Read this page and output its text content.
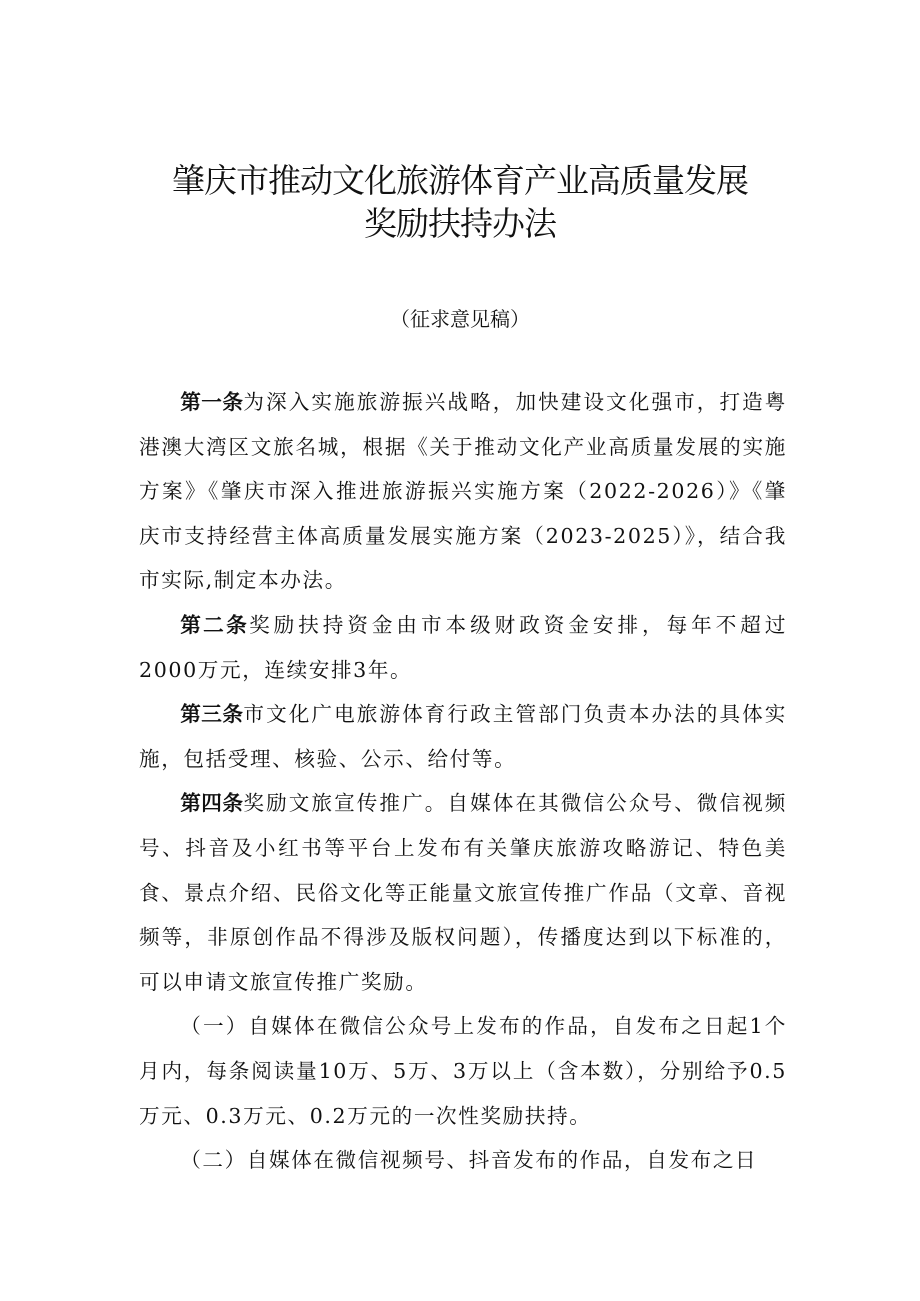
肇庆市推动文化旅游体育产业高质量发展
奖励扶持办法
（征求意见稿）

第一条为深入实施旅游振兴战略，加快建设文化强市，打造粤港澳大湾区文旅名城，根据《关于推动文化产业高质量发展的实施方案》《肇庆市深入推进旅游振兴实施方案（2022-2026）》《肇庆市支持经营主体高质量发展实施方案（2023-2025）》，结合我市实际,制定本办法。

第二条奖励扶持资金由市本级财政资金安排，每年不超过2000万元，连续安排3年。

第三条市文化广电旅游体育行政主管部门负责本办法的具体实施，包括受理、核验、公示、给付等。

第四条奖励文旅宣传推广。自媒体在其微信公众号、微信视频号、抖音及小红书等平台上发布有关肇庆旅游攻略游记、特色美食、景点介绍、民俗文化等正能量文旅宣传推广作品（文章、音视频等，非原创作品不得涉及版权问题），传播度达到以下标准的，可以申请文旅宣传推广奖励。

（一）自媒体在微信公众号上发布的作品，自发布之日起1个月内，每条阅读量10万、5万、3万以上（含本数），分别给予0.5万元、0.3万元、0.2万元的一次性奖励扶持。

（二）自媒体在微信视频号、抖音发布的作品，自发布之日
